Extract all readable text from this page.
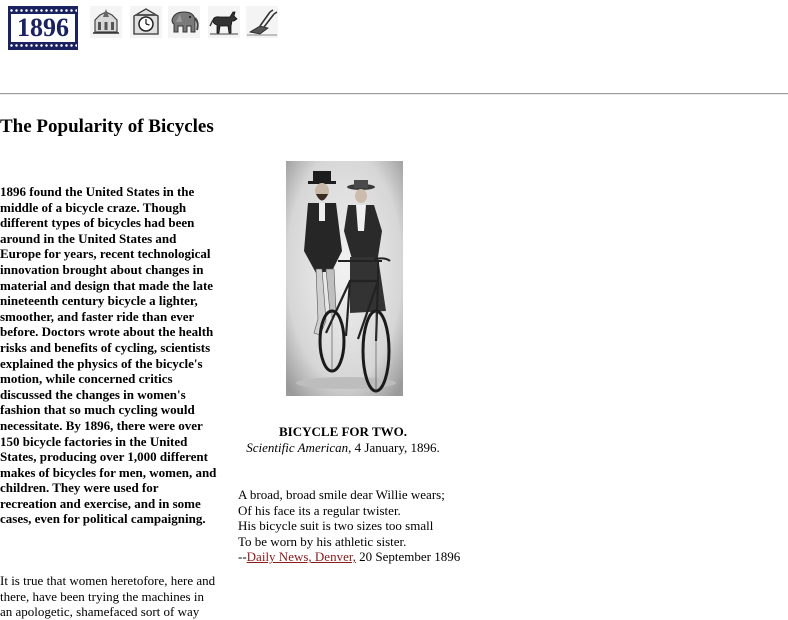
1896
The Popularity of Bicycles

1896 found the United States in the middle of a bicycle craze. Though different types of bicycles had been around in the United States and Europe for years, recent technological innovation brought about changes in material and design that made the late nineteenth century bicycle a lighter, smoother, and faster ride than ever before. Doctors wrote about the health risks and benefits of cycling, scientists explained the physics of the bicycle's motion, while concerned critics discussed the changes in women's fashion that so much cycling would necessitate. By 1896, there were over 150 bicycle factories in the United States, producing over 1,000 different makes of bicycles for men, women, and children. They were used for recreation and exercise, and in some cases, even for political campaigning.

It is true that women heretofore, here and there, have been trying the machines in an apologetic, shamefaced sort of way

BICYCLE FOR TWO.
Scientific American, 4 January, 1896.
A broad, broad smile dear Willie wears;
Of his face its a regular twister.
His bicycle suit is two sizes too small
To be worn by his athletic sister.
--Daily News, Denver, 20 September 1896
